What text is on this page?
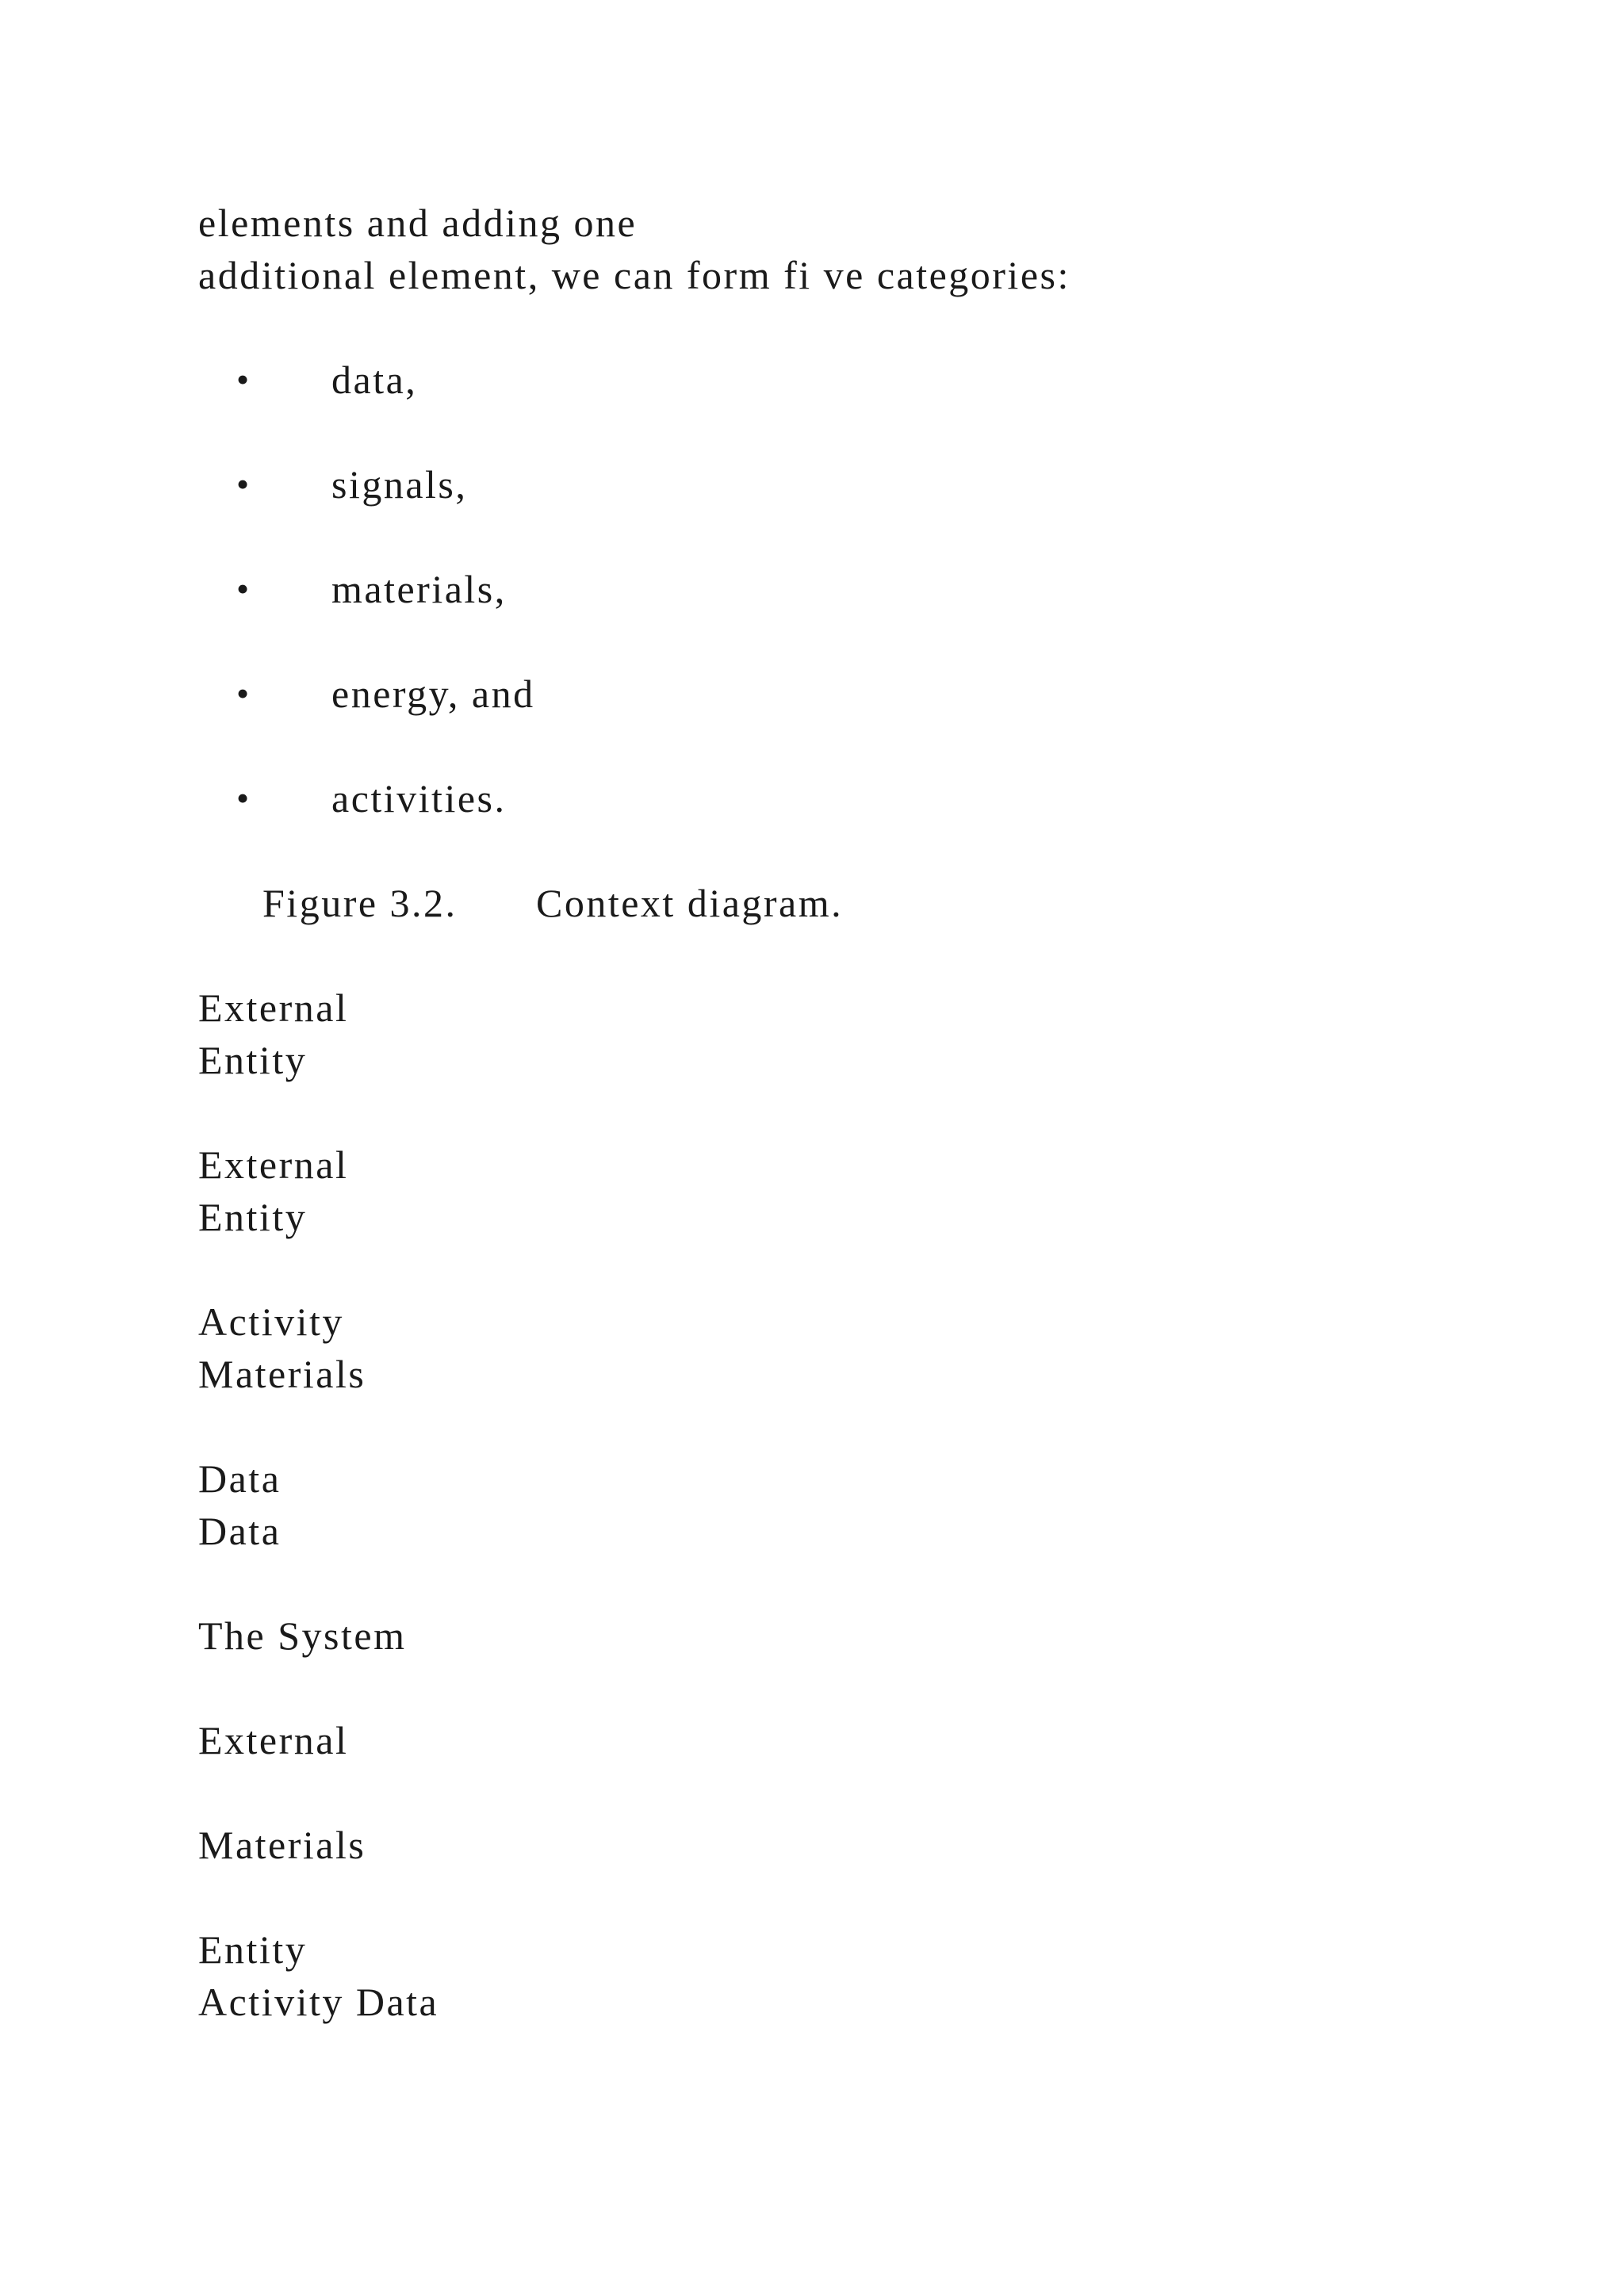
elements and adding one
additional element, we can form fi ve categories:
• data,
• signals,
• materials,
• energy, and
• activities.
Figure 3.2. Context diagram.
External
Entity
External
Entity
Activity
Materials
Data
Data
The System
External
Materials
Entity
Activity Data
